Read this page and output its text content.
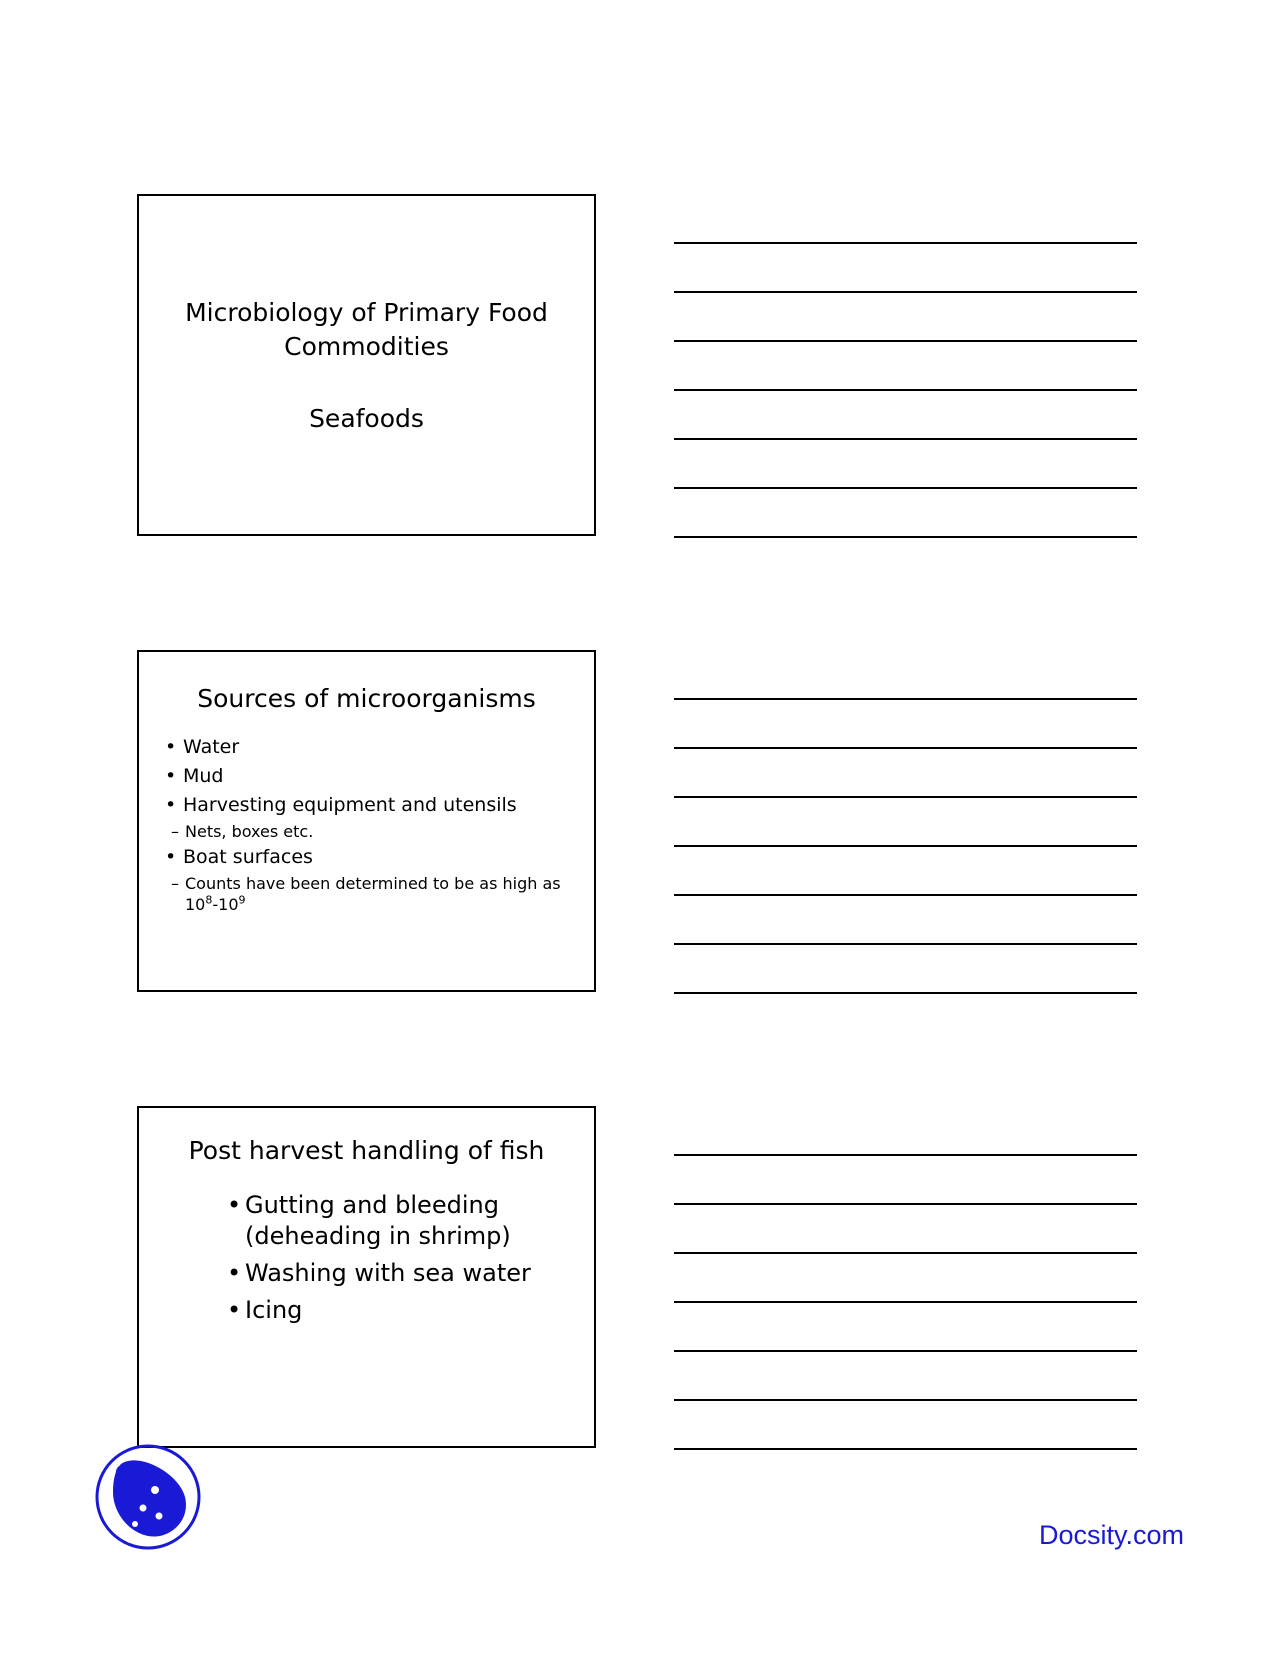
Microbiology of Primary Food
Commodities
Seafoods
Sources of microorganisms
• Water
• Mud
• Harvesting equipment and utensils
– Nets, boxes etc.
• Boat surfaces
– Counts have been determined to be as high as $10^8-10^9$
Post harvest handling of fish
• Gutting and bleeding (deheading in shrimp)
• Washing with sea water
• Icing
Docsity.com
